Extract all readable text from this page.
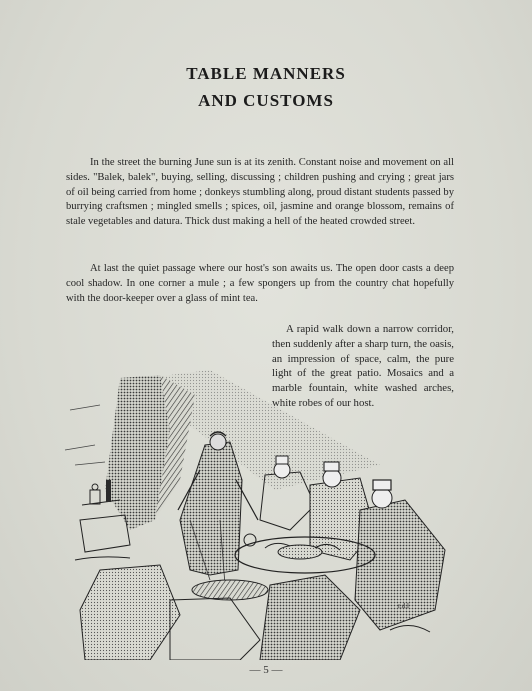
TABLE MANNERS
AND CUSTOMS

In the street the burning June sun is at its zenith. Constant noise and movement on all sides. "Balek, balek", buying, selling, discussing ; children pushing and crying ; great jars of oil being carried from home ; donkeys stumbling along, proud distant students passed by burrying craftsmen ; mingled smells ; spices, oil, jasmine and orange blossom, remains of stale vegetables and datura. Thick dust making a hell of the heated crowded street.

At last the quiet passage where our host's son awaits us. The open door casts a deep cool shadow. In one corner a mule ; a few spongers up from the country chat hopefully with the door-keeper over a glass of mint tea.

A rapid walk down a narrow corridor, then suddenly after a sharp turn, the oasis, an impression of space, calm, the pure light of the great patio. Mosaics and a marble fountain, white washed arches, white robes of our host.

r.d.l
— 5 —
